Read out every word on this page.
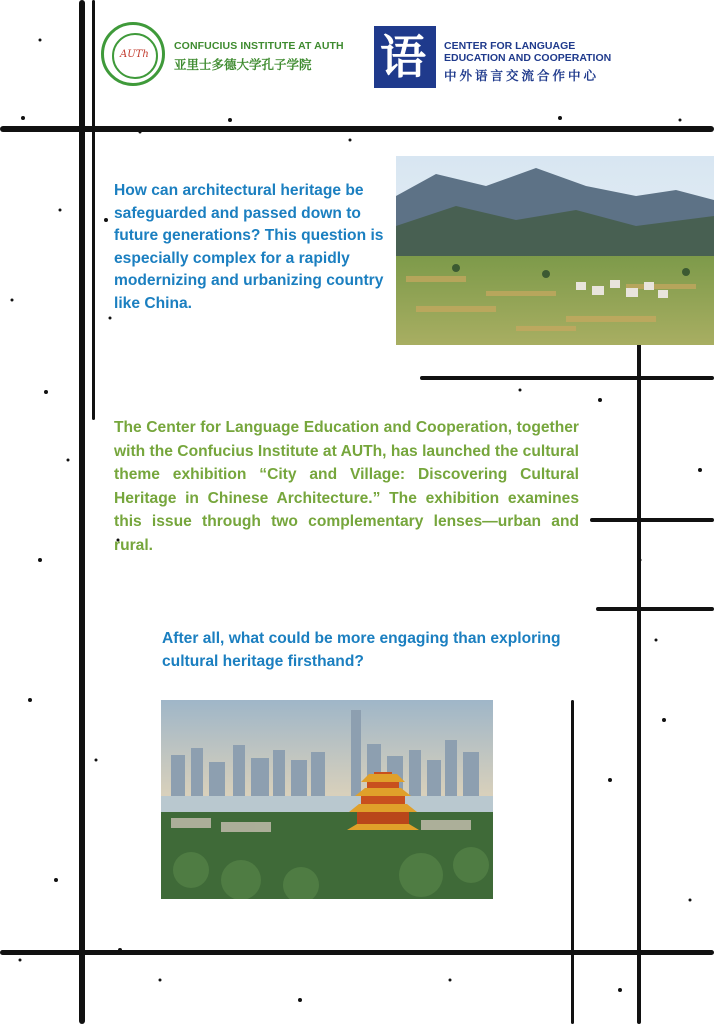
AUTh
CONFUCIUS INSTITUTE AT AUTH
亚里士多德大学孔子学院	语 CENTER FOR LANGUAGE
EDUCATION AND COOPERATION
中外语言交流合作中心
How can architectural heritage be safeguarded and passed down to future generations? This question is especially complex for a rapidly modernizing and urbanizing country like China.
The Center for Language Education and Cooperation, together with the Confucius Institute at AUTh, has launched the cultural theme exhibition “City and Village: Discovering Cultural Heritage in Chinese Architecture.” The exhibition examines this issue through two complementary lenses—urban and rural.
After all, what could be more engaging than exploring cultural heritage firsthand?
